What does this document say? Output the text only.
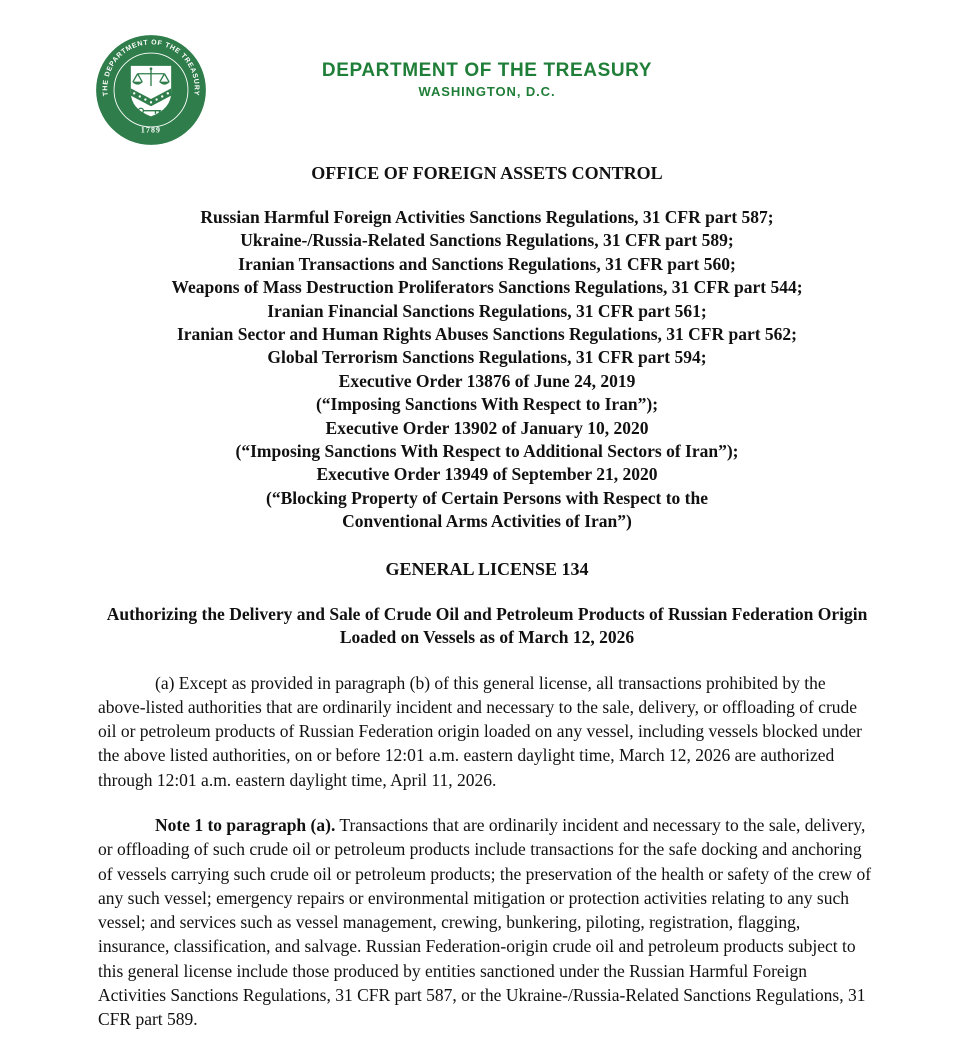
THE DEPARTMENT OF THE TREASURY
1789
DEPARTMENT OF THE TREASURY
WASHINGTON, D.C.
OFFICE OF FOREIGN ASSETS CONTROL
Russian Harmful Foreign Activities Sanctions Regulations, 31 CFR part 587;
Ukraine-/Russia-Related Sanctions Regulations, 31 CFR part 589;
Iranian Transactions and Sanctions Regulations, 31 CFR part 560;
Weapons of Mass Destruction Proliferators Sanctions Regulations, 31 CFR part 544;
Iranian Financial Sanctions Regulations, 31 CFR part 561;
Iranian Sector and Human Rights Abuses Sanctions Regulations, 31 CFR part 562;
Global Terrorism Sanctions Regulations, 31 CFR part 594;
Executive Order 13876 of June 24, 2019
(“Imposing Sanctions With Respect to Iran”);
Executive Order 13902 of January 10, 2020
(“Imposing Sanctions With Respect to Additional Sectors of Iran”);
Executive Order 13949 of September 21, 2020
(“Blocking Property of Certain Persons with Respect to the
Conventional Arms Activities of Iran”)
GENERAL LICENSE 134
Authorizing the Delivery and Sale of Crude Oil and Petroleum Products of Russian Federation Origin Loaded on Vessels as of March 12, 2026

(a) Except as provided in paragraph (b) of this general license, all transactions prohibited by the above-listed authorities that are ordinarily incident and necessary to the sale, delivery, or offloading of crude oil or petroleum products of Russian Federation origin loaded on any vessel, including vessels blocked under the above listed authorities, on or before 12:01 a.m. eastern daylight time, March 12, 2026 are authorized through 12:01 a.m. eastern daylight time, April 11, 2026.

Note 1 to paragraph (a). Transactions that are ordinarily incident and necessary to the sale, delivery, or offloading of such crude oil or petroleum products include transactions for the safe docking and anchoring of vessels carrying such crude oil or petroleum products; the preservation of the health or safety of the crew of any such vessel; emergency repairs or environmental mitigation or protection activities relating to any such vessel; and services such as vessel management, crewing, bunkering, piloting, registration, flagging, insurance, classification, and salvage. Russian Federation-origin crude oil and petroleum products subject to this general license include those produced by entities sanctioned under the Russian Harmful Foreign Activities Sanctions Regulations, 31 CFR part 587, or the Ukraine-/Russia-Related Sanctions Regulations, 31 CFR part 589.
